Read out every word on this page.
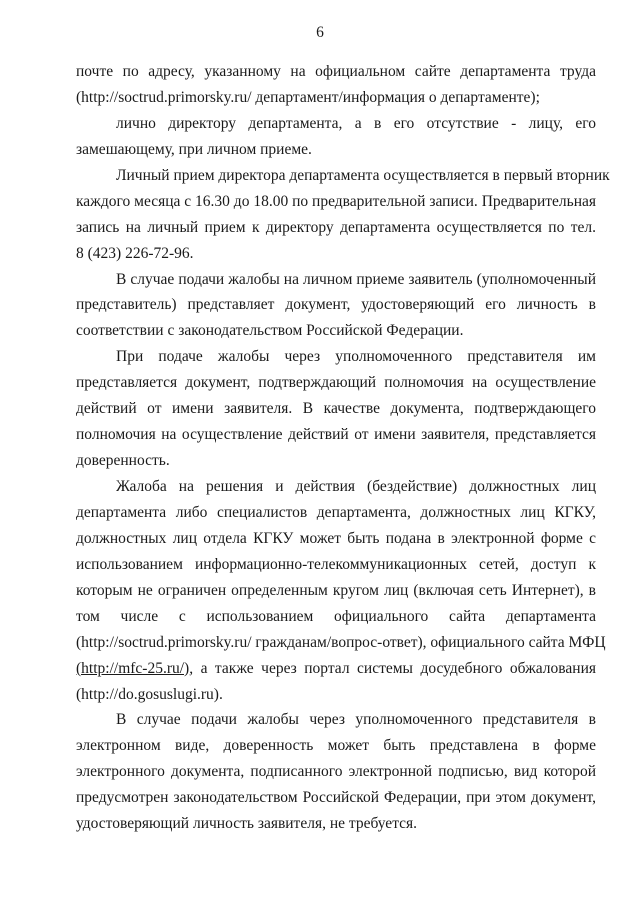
6
почте по адресу, указанному на официальном сайте департамента труда
(http://soctrud.primorsky.ru/ департамент/информация о департаменте);
лично директору департамента, а в его отсутствие - лицу, его
замешающему, при личном приеме.
Личный прием директора департамента осуществляется в первый вторник
каждого месяца с 16.30 до 18.00 по предварительной записи. Предварительная
запись на личный прием к директору департамента осуществляется по тел.
8 (423) 226-72-96.
В случае подачи жалобы на личном приеме заявитель (уполномоченный
представитель) представляет документ, удостоверяющий его личность в
соответствии с законодательством Российской Федерации.
При подаче жалобы через уполномоченного представителя им
представляется документ, подтверждающий полномочия на осуществление
действий от имени заявителя. В качестве документа, подтверждающего
полномочия на осуществление действий от имени заявителя, представляется
доверенность.
Жалоба на решения и действия (бездействие) должностных лиц
департамента либо специалистов департамента, должностных лиц КГКУ,
должностных лиц отдела КГКУ может быть подана в электронной форме с
использованием информационно-телекоммуникационных сетей, доступ к
которым не ограничен определенным кругом лиц (включая сеть Интернет), в
том числе с использованием официального сайта департамента
(http://soctrud.primorsky.ru/ гражданам/вопрос-ответ), официального сайта МФЦ
(http://mfc-25.ru/), а также через портал системы досудебного обжалования
(http://do.gosuslugi.ru).
В случае подачи жалобы через уполномоченного представителя в
электронном виде, доверенность может быть представлена в форме
электронного документа, подписанного электронной подписью, вид которой
предусмотрен законодательством Российской Федерации, при этом документ,
удостоверяющий личность заявителя, не требуется.
